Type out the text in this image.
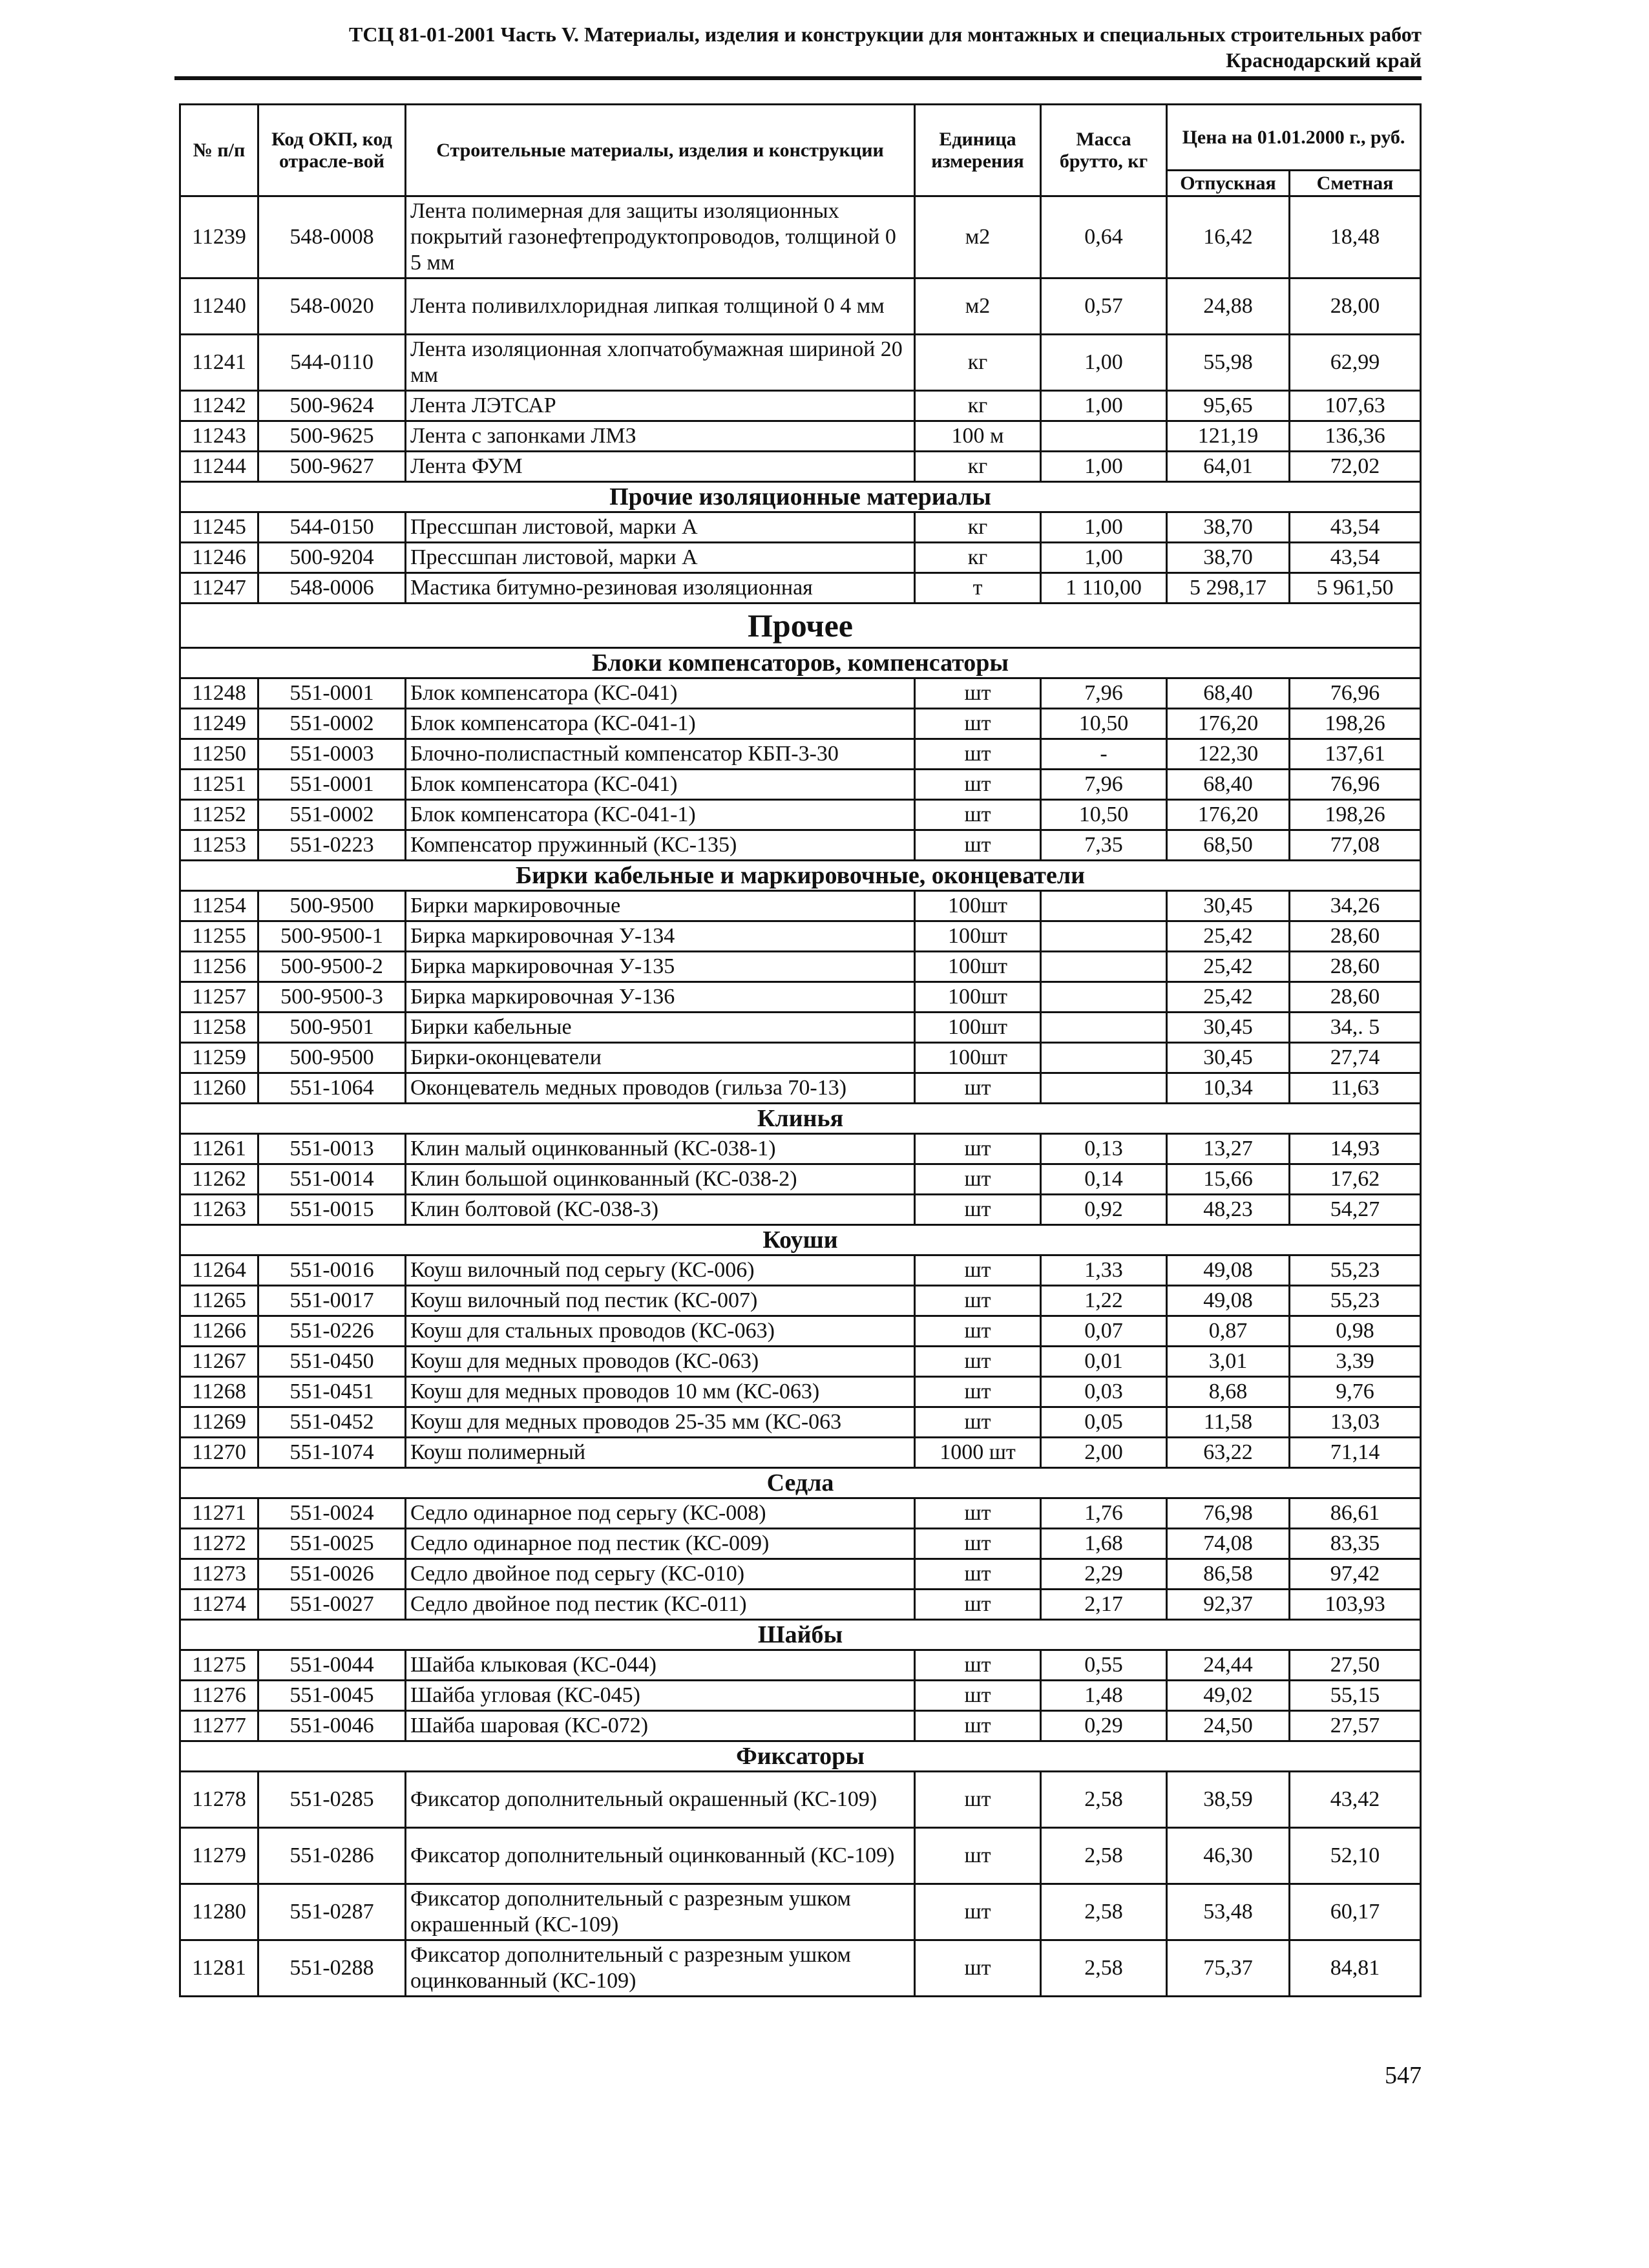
ТСЦ 81-01-2001 Часть V. Материалы, изделия и конструкции для монтажных и специальных строительных работ
Краснодарский край
№ п/п	Код ОКП, код отрасле-вой	Строительные материалы, изделия и конструкции	Единица измерения	Масса брутто, кг	Цена на 01.01.2000 г., руб.	
					Отпускная	Сметная
11239	548-0008	Лента полимерная для защиты изоляционных покрытий газонефтепродуктопроводов, толщиной 0 5 мм	м2	0,64	16,42	18,48
11240	548-0020	Лента поливилхлоридная липкая толщиной 0 4 мм	м2	0,57	24,88	28,00
11241	544-0110	Лента изоляционная хлопчатобумажная шириной 20 мм	кг	1,00	55,98	62,99
11242	500-9624	Лента ЛЭТСАР	кг	1,00	95,65	107,63
11243	500-9625	Лента с запонками ЛМЗ	100 м		121,19	136,36
11244	500-9627	Лента ФУМ	кг	1,00	64,01	72,02
Прочие изоляционные материалы						
11245	544-0150	Прессшпан листовой, марки А	кг	1,00	38,70	43,54
11246	500-9204	Прессшпан листовой, марки А	кг	1,00	38,70	43,54
11247	548-0006	Мастика битумно-резиновая изоляционная	т	1 110,00	5 298,17	5 961,50
Прочее						
Блоки компенсаторов, компенсаторы						
11248	551-0001	Блок компенсатора (КС-041)	шт	7,96	68,40	76,96
11249	551-0002	Блок компенсатора (КС-041-1)	шт	10,50	176,20	198,26
11250	551-0003	Блочно-полиспастный компенсатор КБП-3-30	шт	-	122,30	137,61
11251	551-0001	Блок компенсатора (КС-041)	шт	7,96	68,40	76,96
11252	551-0002	Блок компенсатора (КС-041-1)	шт	10,50	176,20	198,26
11253	551-0223	Компенсатор пружинный (КС-135)	шт	7,35	68,50	77,08
Бирки кабельные и маркировочные, оконцеватели						
11254	500-9500	Бирки маркировочные	100шт		30,45	34,26
11255	500-9500-1	Бирка маркировочная У-134	100шт		25,42	28,60
11256	500-9500-2	Бирка маркировочная У-135	100шт		25,42	28,60
11257	500-9500-3	Бирка маркировочная У-136	100шт		25,42	28,60
11258	500-9501	Бирки кабельные	100шт		30,45	34,. 5
11259	500-9500	Бирки-оконцеватели	100шт		30,45	27,74
11260	551-1064	Оконцеватель медных проводов (гильза 70-13)	шт		10,34	11,63
Клинья						
11261	551-0013	Клин малый оцинкованный (КС-038-1)	шт	0,13	13,27	14,93
11262	551-0014	Клин большой оцинкованный (КС-038-2)	шт	0,14	15,66	17,62
11263	551-0015	Клин болтовой (КС-038-3)	шт	0,92	48,23	54,27
Коуши						
11264	551-0016	Коуш вилочный под серьгу (КС-006)	шт	1,33	49,08	55,23
11265	551-0017	Коуш вилочный под пестик (КС-007)	шт	1,22	49,08	55,23
11266	551-0226	Коуш для стальных проводов (КС-063)	шт	0,07	0,87	0,98
11267	551-0450	Коуш для медных проводов (КС-063)	шт	0,01	3,01	3,39
11268	551-0451	Коуш для медных проводов 10 мм (КС-063)	шт	0,03	8,68	9,76
11269	551-0452	Коуш для медных проводов 25-35 мм (КС-063	шт	0,05	11,58	13,03
11270	551-1074	Коуш полимерный	1000 шт	2,00	63,22	71,14
Седла						
11271	551-0024	Седло одинарное под серьгу (КС-008)	шт	1,76	76,98	86,61
11272	551-0025	Седло одинарное под пестик (КС-009)	шт	1,68	74,08	83,35
11273	551-0026	Седло двойное под серьгу (КС-010)	шт	2,29	86,58	97,42
11274	551-0027	Седло двойное под пестик (КС-011)	шт	2,17	92,37	103,93
Шайбы						
11275	551-0044	Шайба клыковая (КС-044)	шт	0,55	24,44	27,50
11276	551-0045	Шайба угловая (КС-045)	шт	1,48	49,02	55,15
11277	551-0046	Шайба шаровая (КС-072)	шт	0,29	24,50	27,57
Фиксаторы						
11278	551-0285	Фиксатор дополнительный окрашенный (КС-109)	шт	2,58	38,59	43,42
11279	551-0286	Фиксатор дополнительный оцинкованный (КС-109)	шт	2,58	46,30	52,10
11280	551-0287	Фиксатор дополнительный с разрезным ушком окрашенный (КС-109)	шт	2,58	53,48	60,17
11281	551-0288	Фиксатор дополнительный с разрезным ушком оцинкованный (КС-109)	шт	2,58	75,37	84,81
547
